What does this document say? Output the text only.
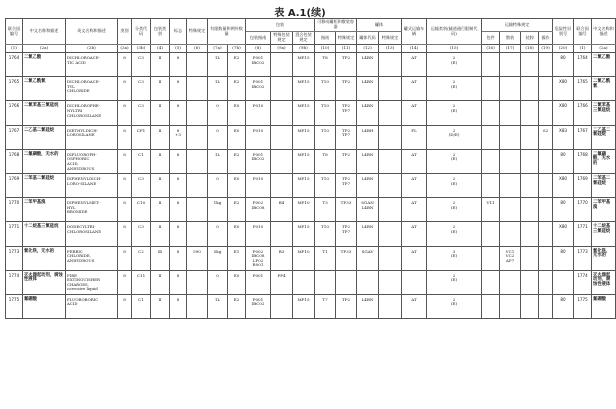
表 A.1(续)
联合国编号	中文名称和描述	英文名称和描述	类别	分类代码	包装类别	标志	特殊规定	有限数量和例外数量		包装			可移动罐柜和散装容器		罐体		罐式运输车辆	运输类别(隧道通行限制代码)	运输特殊规定				危险性识别号	联合国编号	中文名称和描述
										包装指南	特殊包装规定	混合包装规定	指南	特殊规定	罐体代码	特殊规定			包件	散装	装卸	操作			
(1)	(2a)	(2b)	(3a)	(3b)	(4)	(5)	(6)	(7a)	(7b)	(8)	(9a)	(9b)	(10)	(11)	(12)	(13)	(14)	(15)	(16)	(17)	(18)	(19)	(20)	(1)	(2a)
1764	二氯乙酸	DICHLOROACE-
TIC ACID	8	C3	Ⅱ	8		1L	E2	P001
IBC02		MP15	T8	TP2	L4BN		AT	2
(E)					80	1764	二氯乙酸
1765	二氯乙酰氯	DICHLOROACE-
TYL
CHLORIDE	8	C3	Ⅱ	8		1L	E2	P001
IBC02		MP15	T10	TP2	L4BN		AT	2
(E)					X80	1765	二氯乙酰氯
1766	二氯苯基三氯硅烷	DICHLOROPHE-
NYLTRI
CHLOROSILANE	8	C3	Ⅱ	8		0	E0	P010		MP15	T10	TP2
TP7	L4BN		AT	2
(E)					X80	1766	二氯苯基三氯硅烷
1767	二乙基二氯硅烷	DIETHYLDICH-
LOROSILANE	8	CF1	Ⅱ	8
+3		0	E0	P010		MP15	T10	TP2
TP7	L4BH		FL	2
(D/E)				S2	X83	1767	二乙基二氯硅烷
1768	二氟磷酸，无水的	DIFLUOROPH-
OSPHORIC
ACID,
ANHYDROUS	8	C1	Ⅱ	8		1L	E2	P001
IBC02		MP15	T8	TP2	L4BN		AT	2
(E)					80	1768	二氟磷酸，无水的
1769	二苯基二氯硅烷	DIPHENYLDICH-
LORO-SILANE	8	C3	Ⅱ	8		0	E0	P010		MP15	T10	TP2
TP7	L4BN		AT	2
(E)					X80	1769	二苯基二氯硅烷
1770	二苯甲基溴	DIPHENYLMET-
HYL
BROMIDE	8	C10	Ⅱ	8		1kg	E2	P002
IBC08	B4	MP10	T3	TP33	SGAN
L4BN		AT	2
(E)	V11				80	1770	二苯甲基溴
1771	十二烷基三氯硅烷	DODECYLTRI-
CHLOROSILANE	8	C3	Ⅱ	8		0	E0	P010		MP15	T10	TP2
TP7	L4BN		AT	2
(E)					X80	1771	十二烷基三氯硅烷
1773	氯化铁，无水的	FERRIC
CHLORIDE,
ANHYDROUS	8	C2	Ⅲ	8	590	5kg	E1	P002
IBC08
LP02
R001	B3	MP10	T1	TP33	SGAV		AT	3
(E)		VC1
VC2
AP7			80	1773	氯化铁，无水的
1774	灭火器起动剂，腐蚀性液体	FIRE
EXTINGUISHER
CHARGES,
corrosive liquid	8	C11	Ⅱ	8		0	E0	P001	PP4							2
(E)						1774	灭火器起动剂，腐蚀性液体
1775	氟硼酸	FLUOROBORIC
ACID	8	C1	Ⅱ	8		1L	E2	P001
IBC02		MP15	T7	TP2	L4BN		AT	2
(E)					80	1775	氟硼酸
